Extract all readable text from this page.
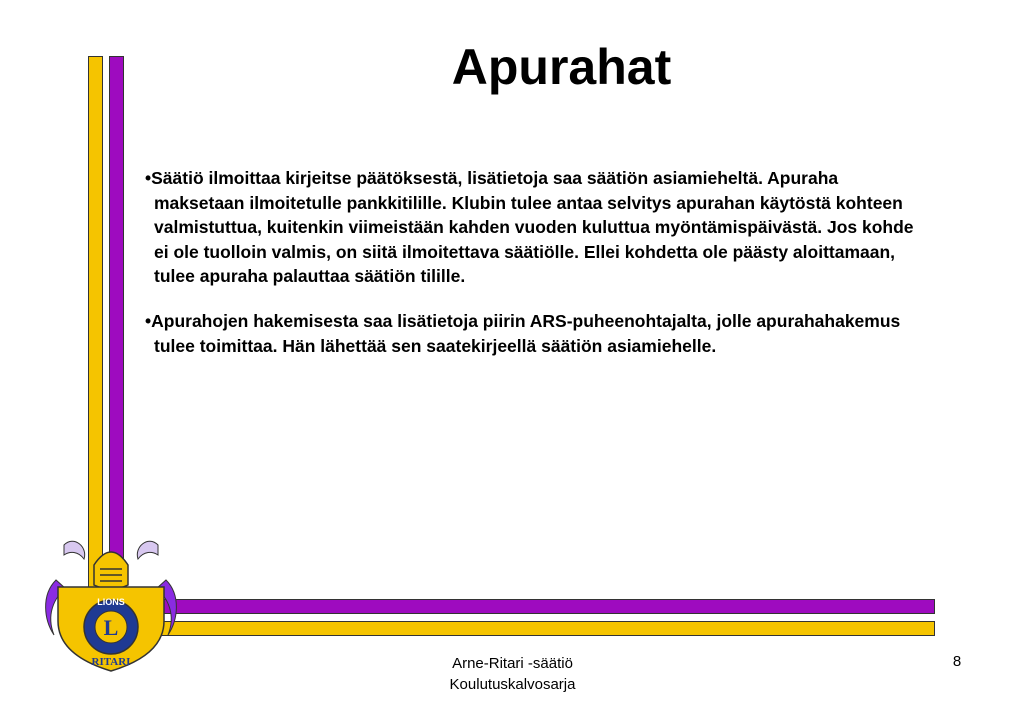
Apurahat

•Säätiö ilmoittaa kirjeitse päätöksestä, lisätietoja saa säätiön asiamieheltä. Apuraha maksetaan ilmoitetulle pankkitilille. Klubin tulee antaa selvitys apurahan käytöstä kohteen valmistuttua, kuitenkin viimeistään kahden vuoden kuluttua myöntämispäivästä. Jos kohde ei ole tuolloin valmis, on siitä ilmoitettava säätiölle. Ellei kohdetta ole päästy aloittamaan, tulee apuraha palauttaa säätiön tilille.

•Apurahojen hakemisesta saa lisätietoja piirin ARS-puheenohtajalta, jolle apurahahakemus tulee toimittaa. Hän lähettää sen saatekirjeellä säätiön asiamiehelle.

L
LIONS
RITARI	Arne-Ritari -säätiö
Koulutuskalvosarja
8
